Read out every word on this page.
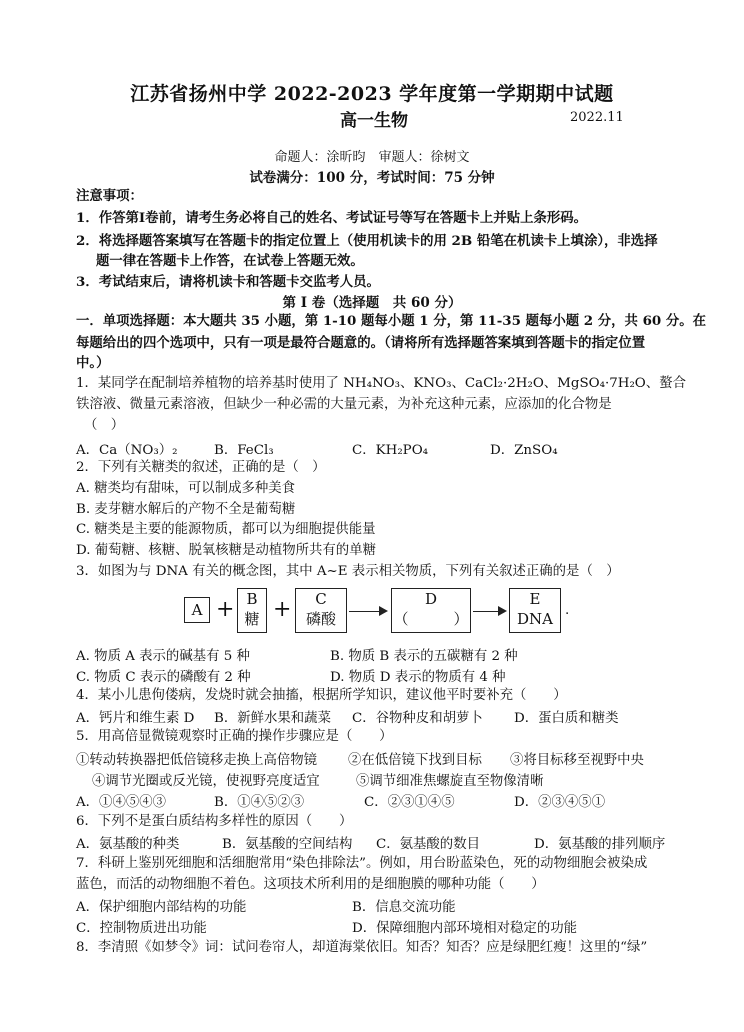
江苏省扬州中学 2022-2023 学年度第一学期期中试题
高一生物	2022.11
命题人：涂昕昀　审题人：徐树文
试卷满分：100 分，考试时间：75 分钟
注意事项：
1．作答第Ⅰ卷前，请考生务必将自己的姓名、考试证号等写在答题卡上并贴上条形码。
2．将选择题答案填写在答题卡的指定位置上（使用机读卡的用 2B 铅笔在机读卡上填涂），非选择
题一律在答题卡上作答，在试卷上答题无效。
3．考试结束后，请将机读卡和答题卡交监考人员。
第 Ⅰ 卷（选择题　共 60 分）
一．单项选择题：本大题共 35 小题，第 1-10 题每小题 1 分，第 11-35 题每小题 2 分，共 60 分。在
每题给出的四个选项中，只有一项是最符合题意的。（请将所有选择题答案填到答题卡的指定位置
中。）
1．某同学在配制培养植物的培养基时使用了 NH₄NO₃、KNO₃、CaCl₂·2H₂O、MgSO₄·7H₂O、螯合
铁溶液、微量元素溶液，但缺少一种必需的大量元素，为补充这种元素，应添加的化合物是
（　）
A．Ca（NO₃）₂	B．FeCl₃	C．KH₂PO₄	D．ZnSO₄
2．下列有关糖类的叙述，正确的是（　）
A. 糖类均有甜味，可以制成多种美食
B. 麦芽糖水解后的产物不全是葡萄糖
C. 糖类是主要的能源物质，都可以为细胞提供能量
D. 葡萄糖、核糖、脱氧核糖是动植物所共有的单糖
3．如图为与 DNA 有关的概念图，其中 A~E 表示相关物质，下列有关叙述正确的是（　）
A + B
糖 +	C
磷酸
D
（　　　）
E
DNA .
A. 物质 A 表示的碱基有 5 种	B. 物质 B 表示的五碳糖有 2 种
C. 物质 C 表示的磷酸有 2 种	D. 物质 D 表示的物质有 4 种
4．某小儿患佝偻病，发烧时就会抽搐，根据所学知识，建议他平时要补充（　　）
A．钙片和维生素 D B．新鲜水果和蔬菜 C．谷物种皮和胡萝卜 D．蛋白质和糖类
5．用高倍显微镜观察时正确的操作步骤应是（　　）
①转动转换器把低倍镜移走换上高倍物镜 ②在低倍镜下找到目标 ③将目标移至视野中央
④调节光圈或反光镜，使视野亮度适宜	⑤调节细准焦螺旋直至物像清晰
A．①④⑤④③	B．①④⑤②③	C．②③①④⑤	D．②③④⑤①
6．下列不是蛋白质结构多样性的原因（　　）
A．氨基酸的种类	B．氨基酸的空间结构 C．氨基酸的数目	D．氨基酸的排列顺序
7．科研上鉴别死细胞和活细胞常用“染色排除法”。例如，用台盼蓝染色，死的动物细胞会被染成
蓝色，而活的动物细胞不着色。这项技术所利用的是细胞膜的哪种功能（　　）
A．保护细胞内部结构的功能	B．信息交流功能
C．控制物质进出功能	D．保障细胞内部环境相对稳定的功能
8．李清照《如梦令》词：试问卷帘人，却道海棠依旧。知否？知否？应是绿肥红瘦！这里的“绿”
